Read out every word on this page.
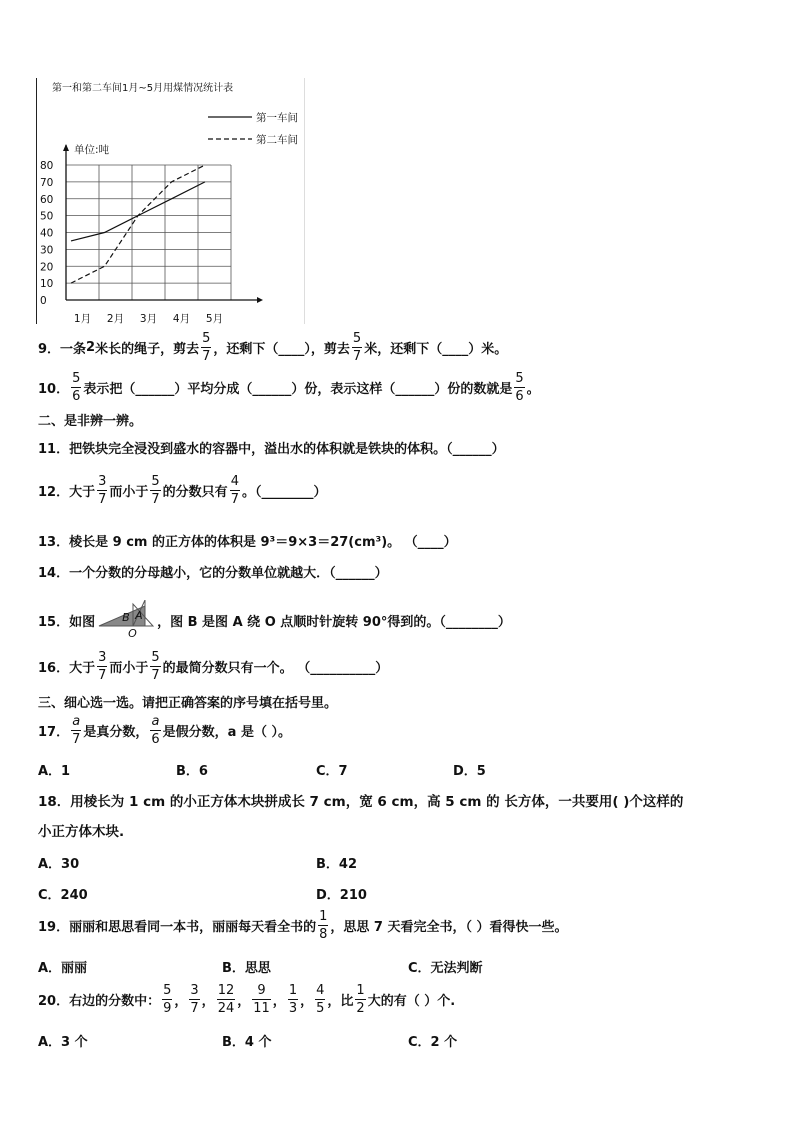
第一和第二车间1月~5月用煤情况统计表
第一车间
第二车间
单位:吨
0
10
20
30
40
50
60
70
80
1月 2月 3月 4月 5月
9．一条 2 米长的绳子，剪去 $\frac{5}{7}$ ，还剩下（____），剪去 $\frac{5}{7}$ 米，还剩下（____）米。
10． $\frac{5}{6}$ 表示把（______）平均分成（______）份，表示这样（______）份的数就是 $\frac{5}{6}$ 。
二、是非辨一辨。
11．把铁块完全浸没到盛水的容器中，溢出水的体积就是铁块的体积。（______）
12．大于 $\frac{3}{7}$ 而小于 $\frac{5}{7}$ 的分数只有 $\frac{4}{7}$ 。（________）
13．棱长是 9 cm 的正方体的体积是 9³＝9×3＝27(cm³)。 （____）
14．一个分数的分母越小，它的分数单位就越大．（______）
15．如图 B A
O
，图 B 是图 A 绕 O 点顺时针旋转 90°得到的。（________）
16．大于 $\frac{3}{7}$ 而小于 $\frac{5}{7}$ 的最简分数只有一个。 （__________）
三、细心选一选。请把正确答案的序号填在括号里。
17． $\frac{a}{7}$ 是真分数， $\frac{a}{6}$ 是假分数，a 是（ ）。
A．1	B．6	C．7	D．5
18．用棱长为 1 cm 的小正方体木块拼成长 7 cm，宽 6 cm，高 5 cm 的 长方体，一共要用( )个这样的
小正方体木块.
A．30	B．42
C．240	D．210
19．丽丽和思思看同一本书，丽丽每天看全书的 $\frac{1}{8}$ ，思思 7 天看完全书，（ ）看得快一些。
A．丽丽	B．思思	C．无法判断
20．右边的分数中： $\frac{5}{9}$ ， $\frac{3}{7}$ ， $\frac{12}{24}$ ， $\frac{9}{11}$ ， $\frac{1}{3}$ ， $\frac{4}{5}$ ，比 $\frac{1}{2}$ 大的有（ ）个.
A．3 个	B．4 个	C．2 个
